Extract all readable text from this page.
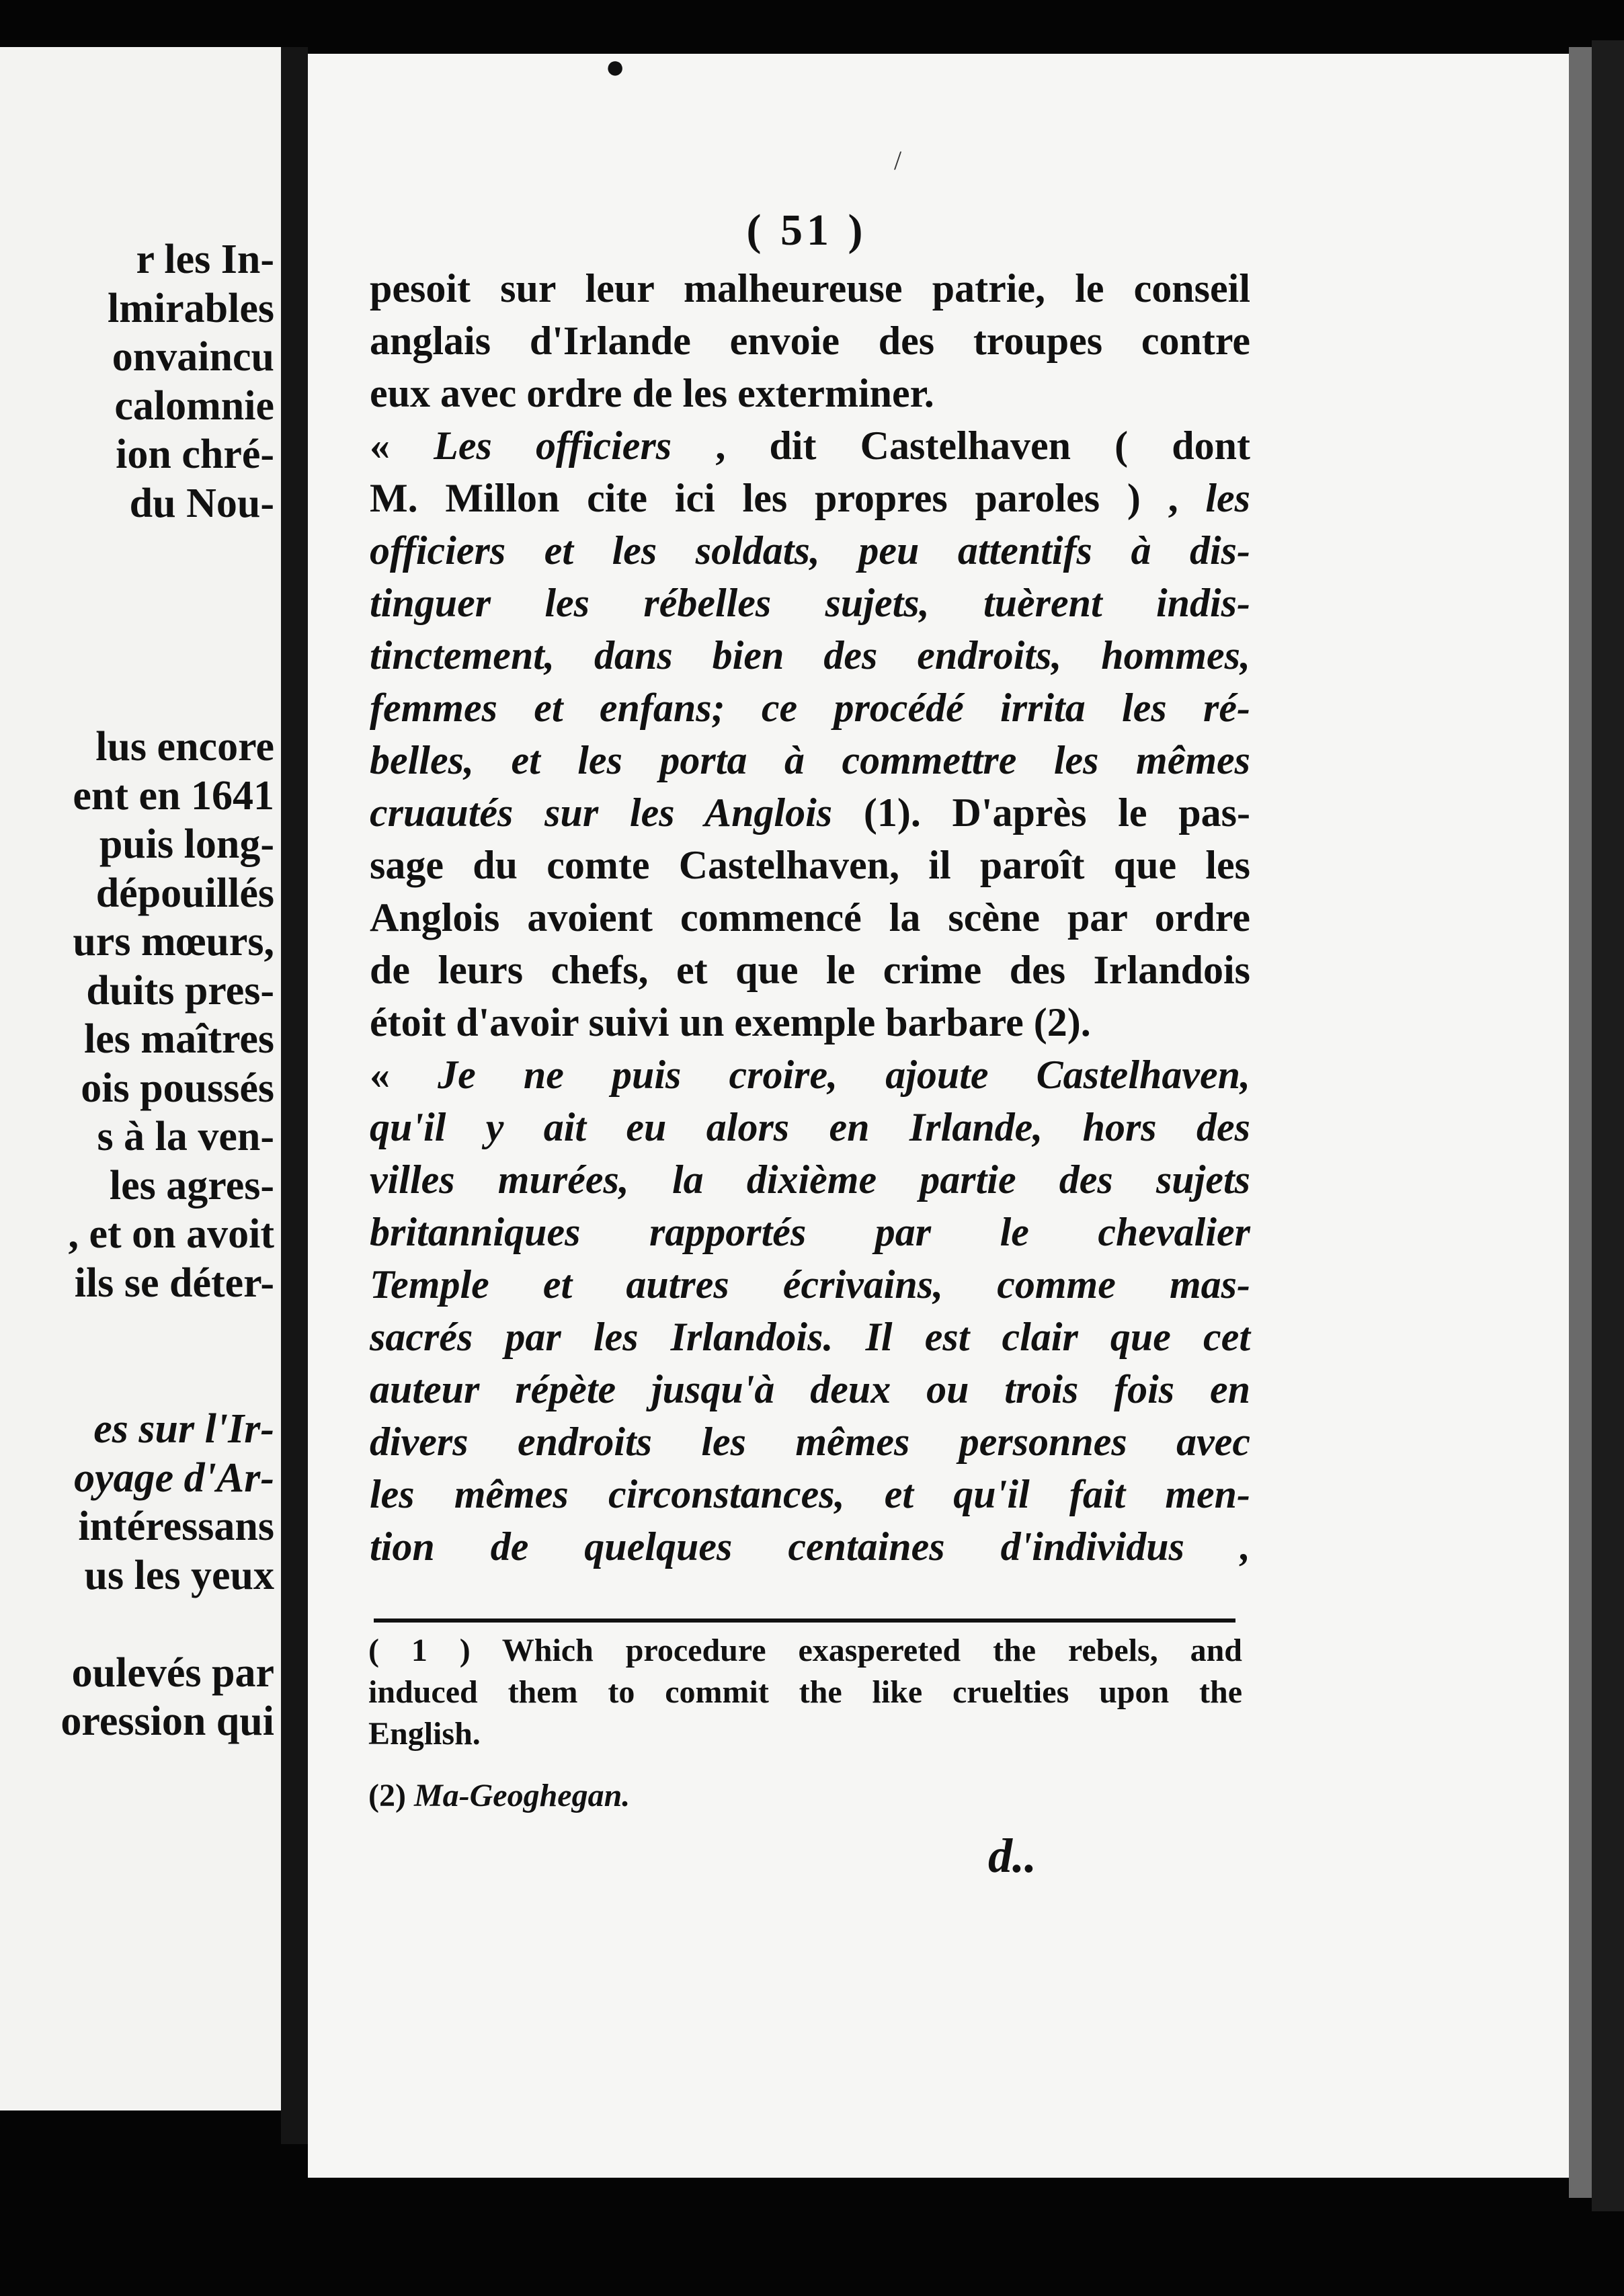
r les In-
lmirables
onvaincu
calomnie
ion chré-
du Nou-
lus encore
ent en 1641
puis long-
dépouillés
urs mœurs,
duits pres-
les maîtres
ois poussés
s à la ven-
les agres-
, et on avoit
ils se déter-
es sur l'Ir-
oyage d'Ar-
intéressans
us les yeux
oulevés par
oression qui
/
●
( 51 )
pesoit sur leur malheureuse patrie, le conseil
anglais d'Irlande envoie des troupes contre
eux avec ordre de les exterminer.
« Les officiers , dit Castelhaven ( dont
M. Millon cite ici les propres paroles ) , les
officiers et les soldats, peu attentifs à dis-
tinguer les rébelles sujets, tuèrent indis-
tinctement, dans bien des endroits, hommes,
femmes et enfans; ce procédé irrita les ré-
belles, et les porta à commettre les mêmes
cruautés sur les Anglois (1). D'après le pas-
sage du comte Castelhaven, il paroît que les
Anglois avoient commencé la scène par ordre
de leurs chefs, et que le crime des Irlandois
étoit d'avoir suivi un exemple barbare (2).
« Je ne puis croire, ajoute Castelhaven,
qu'il y ait eu alors en Irlande, hors des
villes murées, la dixième partie des sujets
britanniques rapportés par le chevalier
Temple et autres écrivains, comme mas-
sacrés par les Irlandois. Il est clair que cet
auteur répète jusqu'à deux ou trois fois en
divers endroits les mêmes personnes avec
les mêmes circonstances, et qu'il fait men-
tion de quelques centaines d'individus ,
( 1 ) Which procedure exaspereted the rebels, and
induced them to commit the like cruelties upon the
English.
(2) Ma-Geoghegan.
d..
